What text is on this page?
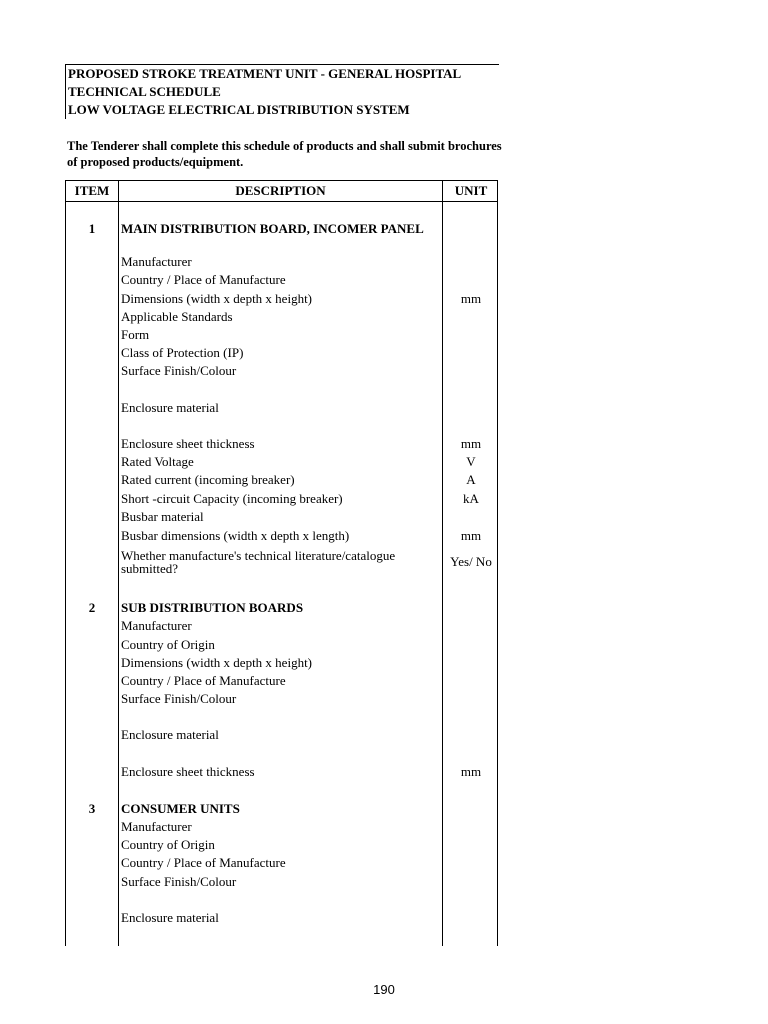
PROPOSED STROKE TREATMENT UNIT - GENERAL HOSPITAL
TECHNICAL SCHEDULE
LOW VOLTAGE ELECTRICAL DISTRIBUTION SYSTEM
The Tenderer shall complete this schedule of products and shall submit brochures of proposed products/equipment.
ITEM	DESCRIPTION	UNIT
1	MAIN DISTRIBUTION BOARD, INCOMER PANEL
Manufacturer
Country / Place of Manufacture
Dimensions (width x depth x height)	mm
Applicable Standards
Form
Class of Protection (IP)
Surface Finish/Colour
Enclosure material
Enclosure sheet thickness	mm
Rated Voltage	V
Rated current (incoming breaker)	A
Short -circuit Capacity (incoming breaker)	kA
Busbar material
Busbar dimensions (width x depth x length)	mm
Whether manufacture's technical literature/catalogue submitted?	Yes/ No
2	SUB DISTRIBUTION BOARDS
Manufacturer
Country of Origin
Dimensions (width x depth x height)
Country / Place of Manufacture
Surface Finish/Colour
Enclosure material
Enclosure sheet thickness	mm
3	CONSUMER UNITS
Manufacturer
Country of Origin
Country / Place of Manufacture
Surface Finish/Colour
Enclosure material
190
